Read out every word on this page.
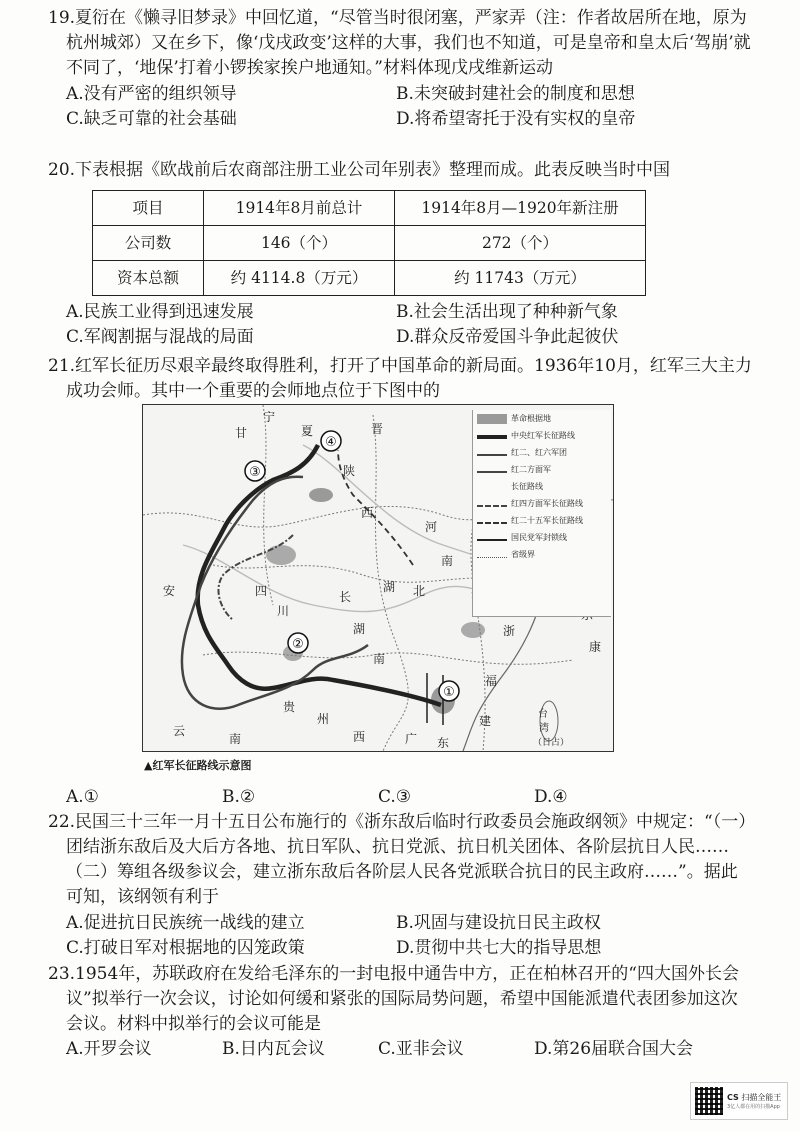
19.夏衍在《懒寻旧梦录》中回忆道，“尽管当时很闭塞，严家弄（注：作者故居所在地，原为杭州城郊）又在乡下，像‘戊戌政变’这样的大事，我们也不知道，可是皇帝和皇太后‘驾崩’就不同了，‘地保’打着小锣挨家挨户地通知。”材料体现戊戌维新运动
A.没有严密的组织领导	B.未突破封建社会的制度和思想
C.缺乏可靠的社会基础	D.将希望寄托于没有实权的皇帝
20.下表根据《欧战前后农商部注册工业公司年别表》整理而成。此表反映当时中国
项目	1914年8月前总计	1914年8月—1920年新注册
公司数	146（个）	272（个）
资本总额	约 4114.8（万元）	约 11743（万元）
A.民族工业得到迅速发展	B.社会生活出现了种种新气象
C.军阀割据与混战的局面	D.群众反帝爱国斗争此起彼伏
21.红军长征历尽艰辛最终取得胜利，打开了中国革命的新局面。1936年10月，红军三大主力成功会师。其中一个重要的会师地点位于下图中的
①
②
③
④
宁
夏
甘
陕
晋
河
南
西
湖 北
四
川
长
康
安
浙
福
建
湖
南
贵
州
云
南	广 东
台
湾
（日占）
西
革命根据地
中央红军长征路线
红二、红六军团
红二方面军
长征路线
红四方面军长征路线
红二十五军长征路线
国民党军封锁线
省级界
▲红军长征路线示意图
A.①	B.②	C.③	D.④
22.民国三十三年一月十五日公布施行的《浙东敌后临时行政委员会施政纲领》中规定：“（一）团结浙东敌后及大后方各地、抗日军队、抗日党派、抗日机关团体、各阶层抗日人民……（二）筹组各级参议会，建立浙东敌后各阶层人民各党派联合抗日的民主政府……”。据此可知，该纲领有利于
A.促进抗日民族统一战线的建立	B.巩固与建设抗日民主政权
C.打破日军对根据地的囚笼政策	D.贯彻中共七大的指导思想
23.1954年，苏联政府在发给毛泽东的一封电报中通告中方，正在柏林召开的“四大国外长会议”拟举行一次会议，讨论如何缓和紧张的国际局势问题，希望中国能派遣代表团参加这次会议。材料中拟举行的会议可能是
A.开罗会议	B.日内瓦会议	C.亚非会议	D.第26届联合国大会
CS 扫描全能王
3亿人都在用的扫描App
